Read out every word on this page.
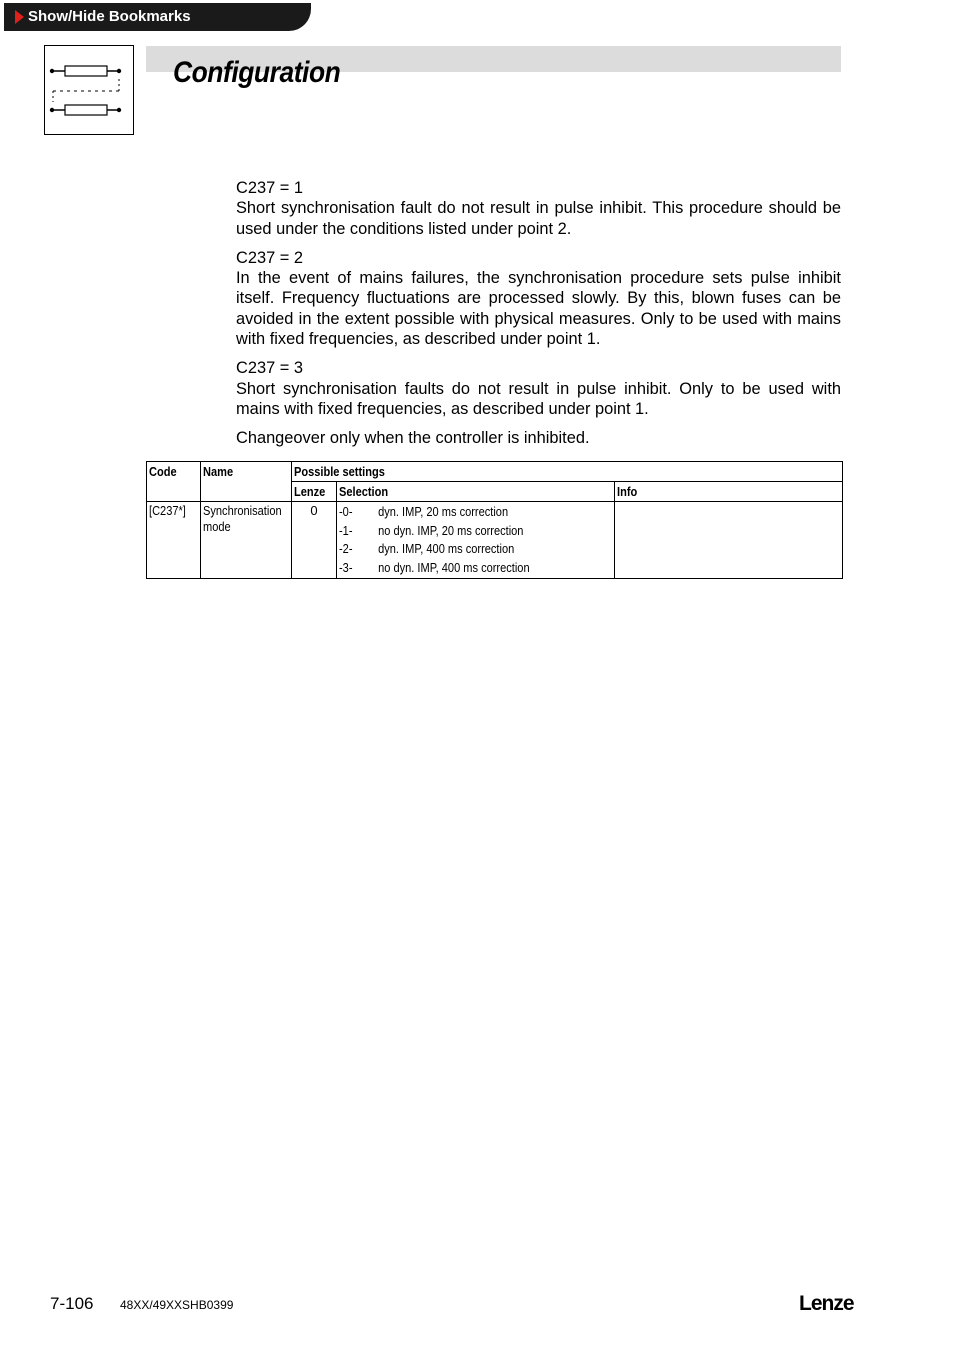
Show/Hide Bookmarks
Configuration

C237 = 1
Short synchronisation fault do not result in pulse inhibit. This procedure should be used under the conditions listed under point 2.

C237 = 2
In the event of mains failures, the synchronisation procedure sets pulse inhibit itself. Frequency fluctuations are processed slowly. By this, blown fuses can be avoided in the extent possible with physical measures. Only to be used with mains with fixed frequencies, as described under point 1.

C237 = 3
Short synchronisation faults do not result in pulse inhibit. Only to be used with mains with fixed frequencies, as described under point 1.

Changeover only when the controller is inhibited.

Code	Name	Possible settings		
		Lenze	Selection	Info
[C237*]	Synchronisation mode	0	-0- dyn. IMP, 20 ms correction
-1- no dyn. IMP, 20 ms correction
-2- dyn. IMP, 400 ms correction
-3- no dyn. IMP, 400 ms correction	

7-106 48XX/49XXSHB0399	Lenze
